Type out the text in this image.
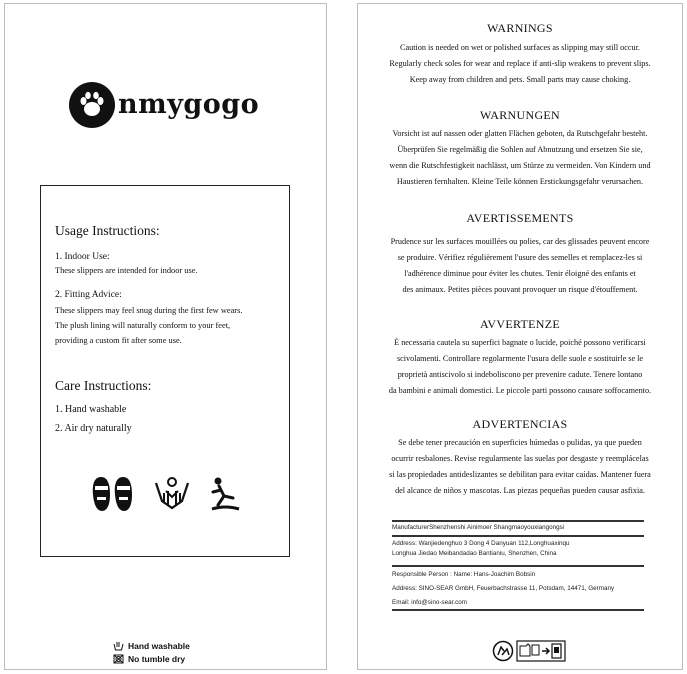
nmygogo
Usage Instructions:
1. Indoor Use:
These slippers are intended for indoor use.
2. Fitting Advice:
These slippers may feel snug during the first few wears.
The plush lining will naturally conform to your feet,
providing a custom fit after some use.
Care Instructions:
1. Hand washable
2. Air dry naturally
Hand washable
No tumble dry
WARNINGS
Caution is needed on wet or polished surfaces as slipping may still occur.
Regularly check soles for wear and replace if anti-slip weakens to prevent slips.
Keep away from children and pets. Small parts may cause choking.
WARNUNGEN
Vorsicht ist auf nassen oder glatten Flächen geboten, da Rutschgefahr besteht.
Überprüfen Sie regelmäßig die Sohlen auf Abnutzung und ersetzen Sie sie,
wenn die Rutschfestigkeit nachlässt, um Stürze zu vermeiden. Von Kindern und
Haustieren fernhalten. Kleine Teile können Erstickungsgefahr verursachen.
AVERTISSEMENTS
Prudence sur les surfaces mouillées ou polies, car des glissades peuvent encore
se produire. Vérifiez régulièrement l'usure des semelles et remplacez-les si
l'adhérence diminue pour éviter les chutes. Tenir éloigné des enfants et
des animaux. Petites pièces pouvant provoquer un risque d'étouffement.
AVVERTENZE
È necessaria cautela su superfici bagnate o lucide, poiché possono verificarsi
scivolamenti. Controllare regolarmente l'usura delle suole e sostituirle se le
proprietà antiscivolo si indeboliscono per prevenire cadute. Tenere lontano
da bambini e animali domestici. Le piccole parti possono causare soffocamento.
ADVERTENCIAS
Se debe tener precaución en superficies húmedas o pulidas, ya que pueden
ocurrir resbalones. Revise regularmente las suelas por desgaste y reemplácelas
si las propiedades antideslizantes se debilitan para evitar caídas. Mantener fuera
del alcance de niños y mascotas. Las piezas pequeñas pueden causar asfixia.
ManufacturerShenzhenshi Ainimoer Shangmaoyouxiangongsi
Address: Wanjiedenghuo 3 Dong 4 Danyuan 112,Longhuaxinqu
Longhua Jiedao Meibandadao Bantianiu, Shenzhen, China
Responsible Person : Name: Hans-Joachim Bobsin
Address: SINO-SEAR GmbH, Feuerbachstrasse 11, Potsdam, 14471, Germany
Email: info@sino-sear.com
